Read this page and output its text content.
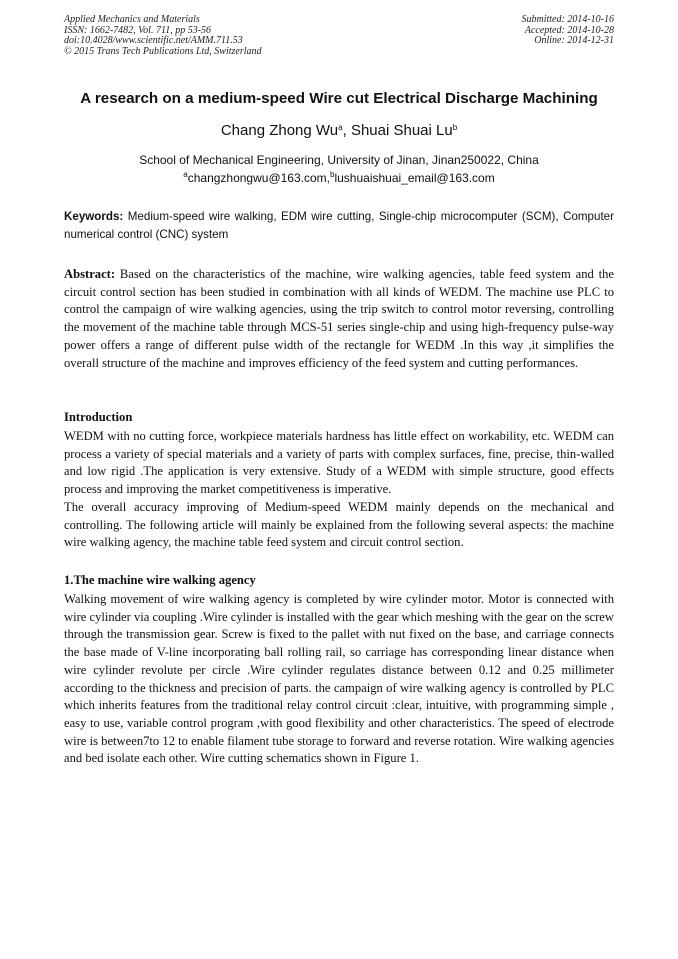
Applied Mechanics and Materials
ISSN: 1662-7482, Vol. 711, pp 53-56
doi:10.4028/www.scientific.net/AMM.711.53
© 2015 Trans Tech Publications Ltd, Switzerland
Submitted: 2014-10-16
Accepted: 2014-10-28
Online: 2014-12-31
A research on a medium-speed Wire cut Electrical Discharge Machining
Chang Zhong Wu$^a$, Shuai Shuai Lu$^b$
School of Mechanical Engineering, University of Jinan, Jinan250022, China
$^a$changzhongwu@163.com,$^b$lushuaishuai_email@163.com
Keywords: Medium-speed wire walking, EDM wire cutting, Single-chip microcomputer (SCM), Computer numerical control (CNC) system
Abstract: Based on the characteristics of the machine, wire walking agencies, table feed system and the circuit control section has been studied in combination with all kinds of WEDM. The machine use PLC to control the campaign of wire walking agencies, using the trip switch to control motor reversing, controlling the movement of the machine table through MCS-51 series single-chip and using high-frequency pulse-way power offers a range of different pulse width of the rectangle for WEDM .In this way ,it simplifies the overall structure of the machine and improves efficiency of the feed system and cutting performances.
Introduction
WEDM with no cutting force, workpiece materials hardness has little effect on workability, etc. WEDM can process a variety of special materials and a variety of parts with complex surfaces, fine, precise, thin-walled and low rigid .The application is very extensive. Study of a WEDM with simple structure, good effects process and improving the market competitiveness is imperative.
The overall accuracy improving of Medium-speed WEDM mainly depends on the mechanical and controlling. The following article will mainly be explained from the following several aspects: the machine wire walking agency, the machine table feed system and circuit control section.
1.The machine wire walking agency
Walking movement of wire walking agency is completed by wire cylinder motor. Motor is connected with wire cylinder via coupling .Wire cylinder is installed with the gear which meshing with the gear on the screw through the transmission gear. Screw is fixed to the pallet with nut fixed on the base, and carriage connects the base made of V-line incorporating ball rolling rail, so carriage has corresponding linear distance when wire cylinder revolute per circle .Wire cylinder regulates distance between 0.12 and 0.25 millimeter according to the thickness and precision of parts. the campaign of wire walking agency is controlled by PLC which inherits features from the traditional relay control circuit :clear, intuitive, with programming simple , easy to use, variable control program ,with good flexibility and other characteristics. The speed of electrode wire is between7to 12 to enable filament tube storage to forward and reverse rotation. Wire walking agencies and bed isolate each other. Wire cutting schematics shown in Figure 1.
